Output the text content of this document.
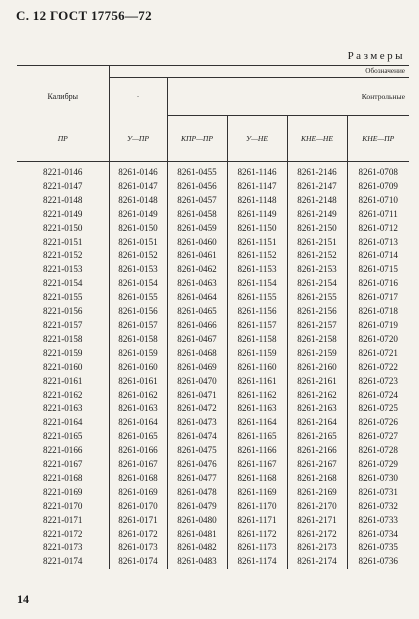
С. 12 ГОСТ 17756—72
Размеры
	Обозначение				
Калибры	·	Контрольные			
ПР	У—ПР	КПР—ПР	У—НЕ	КНЕ—НЕ	КНЕ—ПР

8221-0146	8261-0146	8261-0455	8261-1146	8261-2146	8261-0708
8221-0147	8261-0147	8261-0456	8261-1147	8261-2147	8261-0709
8221-0148	8261-0148	8261-0457	8261-1148	8261-2148	8261-0710
8221-0149	8261-0149	8261-0458	8261-1149	8261-2149	8261-0711
8221-0150	8261-0150	8261-0459	8261-1150	8261-2150	8261-0712
8221-0151	8261-0151	8261-0460	8261-1151	8261-2151	8261-0713
8221-0152	8261-0152	8261-0461	8261-1152	8261-2152	8261-0714
8221-0153	8261-0153	8261-0462	8261-1153	8261-2153	8261-0715
8221-0154	8261-0154	8261-0463	8261-1154	8261-2154	8261-0716
8221-0155	8261-0155	8261-0464	8261-1155	8261-2155	8261-0717
8221-0156	8261-0156	8261-0465	8261-1156	8261-2156	8261-0718
8221-0157	8261-0157	8261-0466	8261-1157	8261-2157	8261-0719
8221-0158	8261-0158	8261-0467	8261-1158	8261-2158	8261-0720
8221-0159	8261-0159	8261-0468	8261-1159	8261-2159	8261-0721
8221-0160	8261-0160	8261-0469	8261-1160	8261-2160	8261-0722
8221-0161	8261-0161	8261-0470	8261-1161	8261-2161	8261-0723
8221-0162	8261-0162	8261-0471	8261-1162	8261-2162	8261-0724
8221-0163	8261-0163	8261-0472	8261-1163	8261-2163	8261-0725
8221-0164	8261-0164	8261-0473	8261-1164	8261-2164	8261-0726
8221-0165	8261-0165	8261-0474	8261-1165	8261-2165	8261-0727
8221-0166	8261-0166	8261-0475	8261-1166	8261-2166	8261-0728
8221-0167	8261-0167	8261-0476	8261-1167	8261-2167	8261-0729
8221-0168	8261-0168	8261-0477	8261-1168	8261-2168	8261-0730
8221-0169	8261-0169	8261-0478	8261-1169	8261-2169	8261-0731
8221-0170	8261-0170	8261-0479	8261-1170	8261-2170	8261-0732
8221-0171	8261-0171	8261-0480	8261-1171	8261-2171	8261-0733
8221-0172	8261-0172	8261-0481	8261-1172	8261-2172	8261-0734
8221-0173	8261-0173	8261-0482	8261-1173	8261-2173	8261-0735
8221-0174	8261-0174	8261-0483	8261-1174	8261-2174	8261-0736
14
